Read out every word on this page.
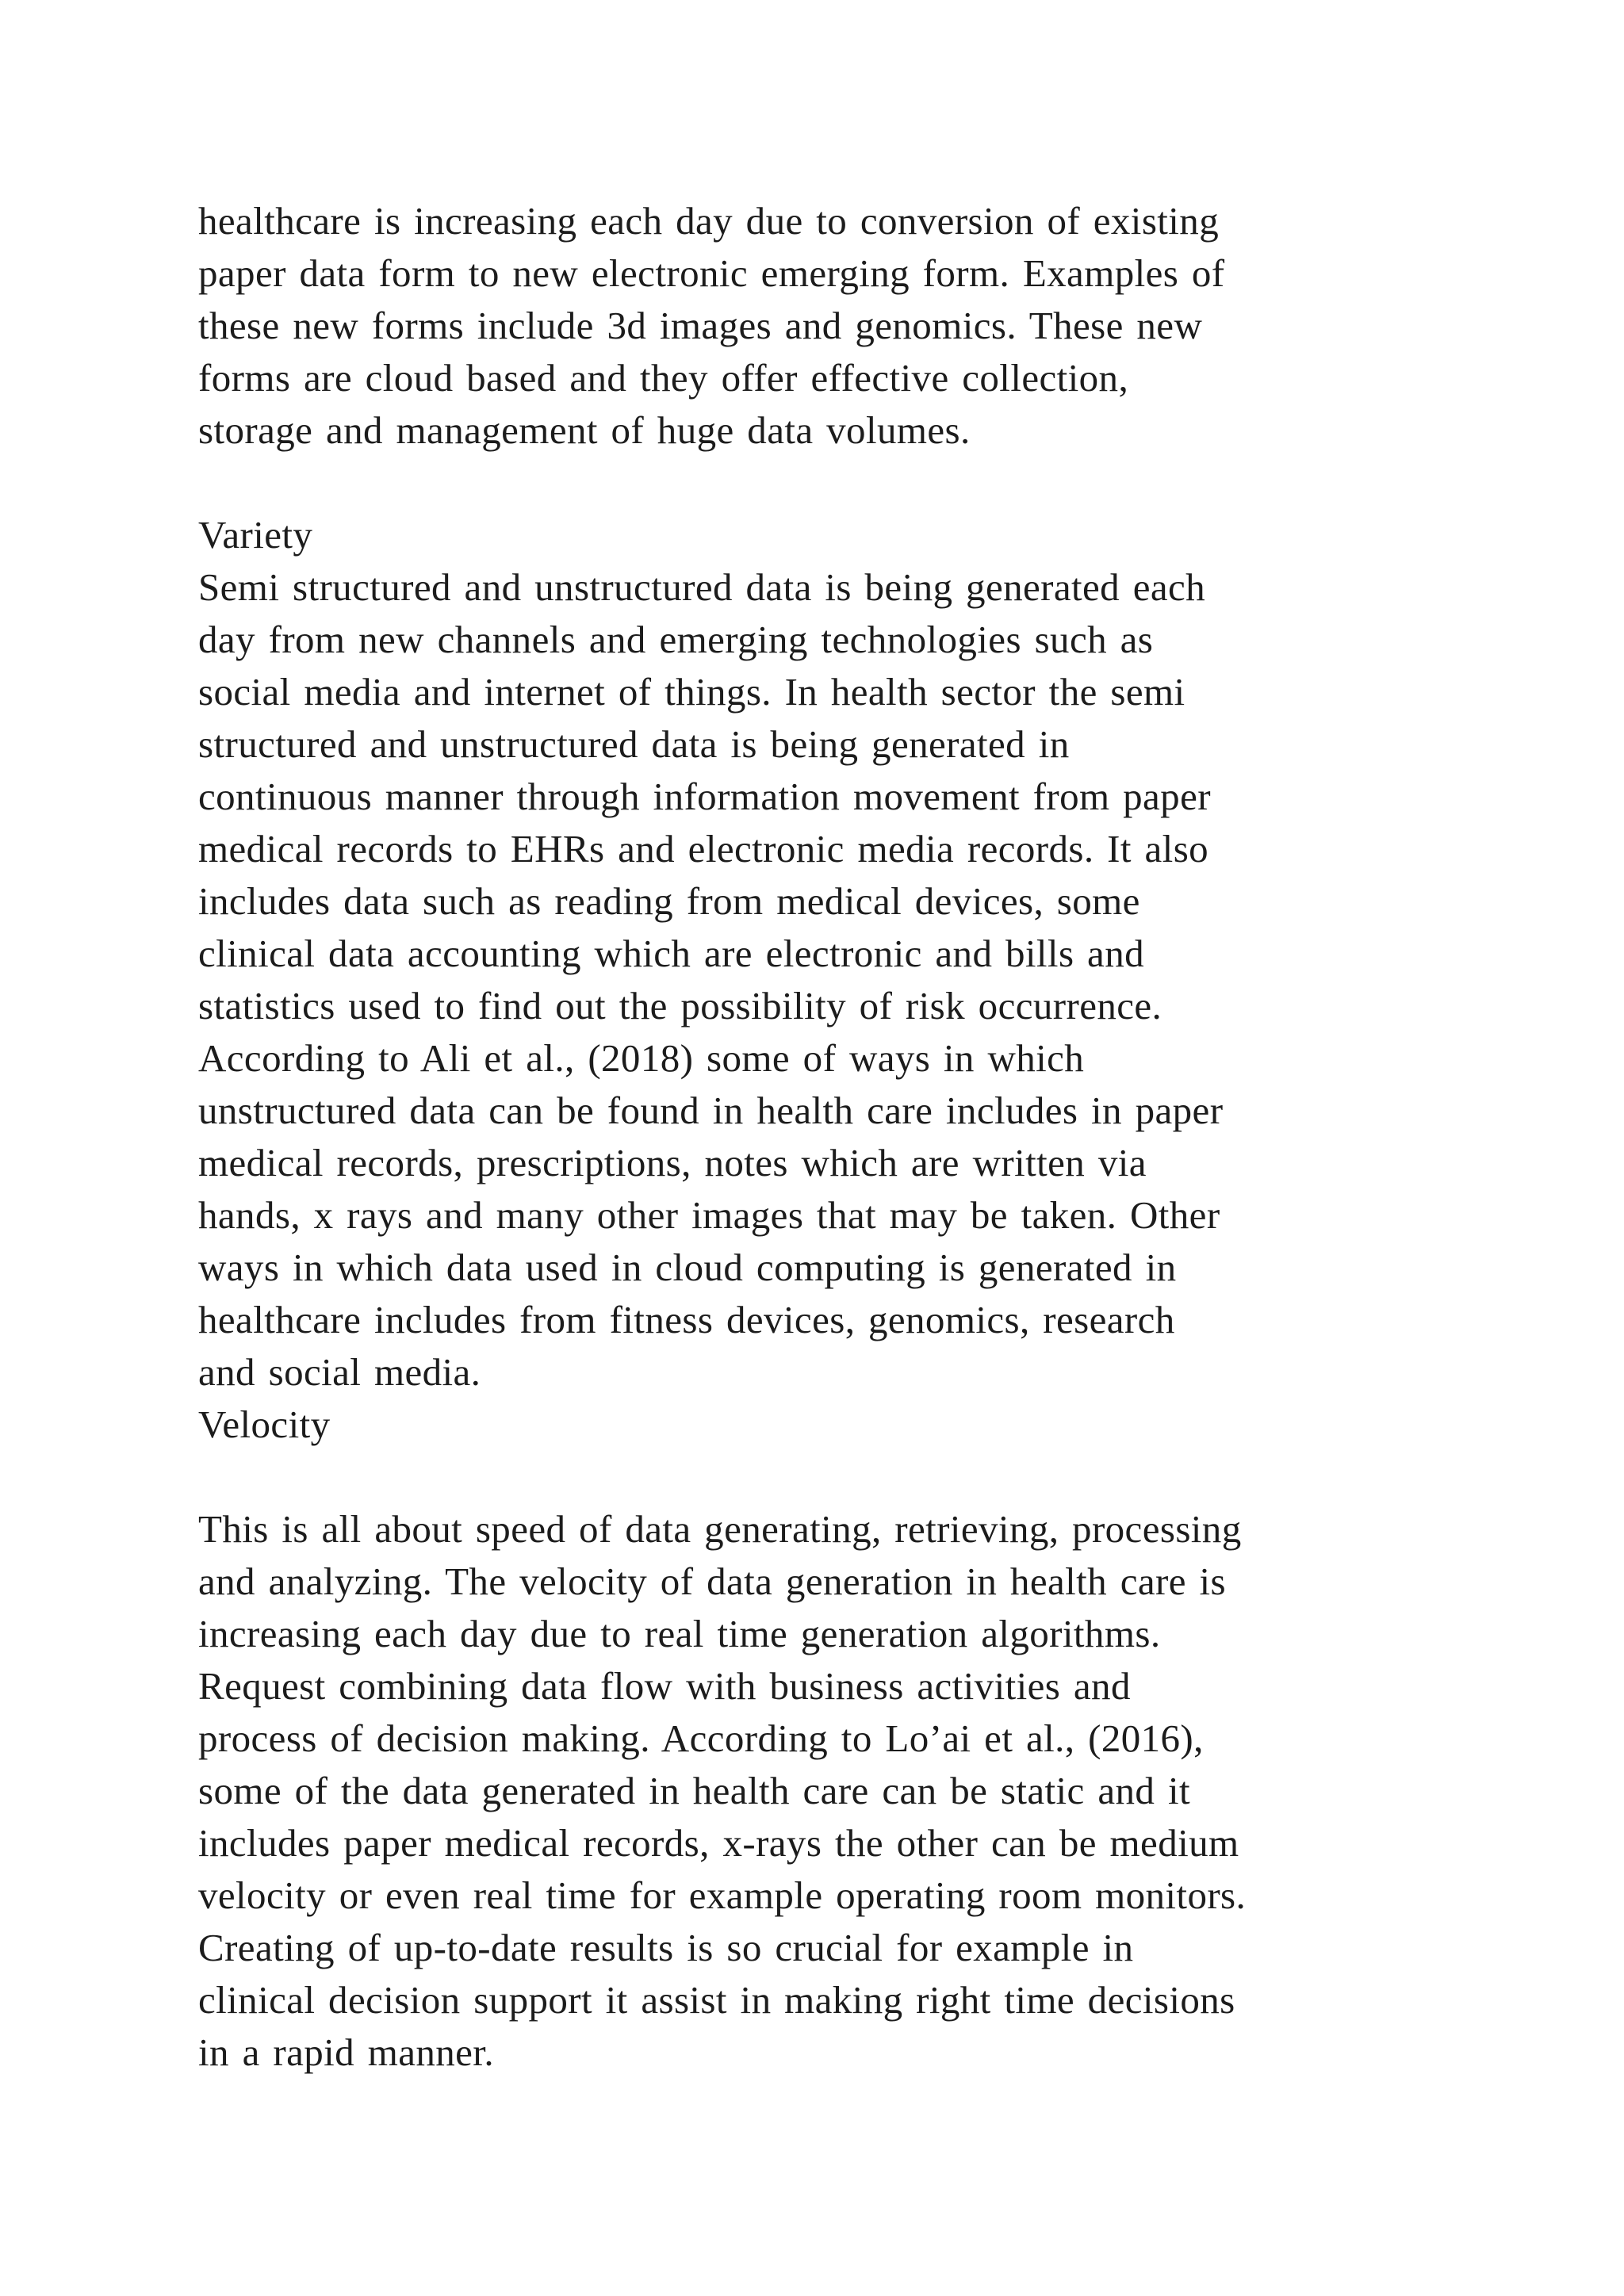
healthcare is increasing each day due to conversion of existing
paper data form to new electronic emerging form. Examples of
these new forms include 3d images and genomics. These new
forms are cloud based and they offer effective collection,
storage and management of huge data volumes.
Variety
Semi structured and unstructured data is being generated each
day from new channels and emerging technologies such as
social media and internet of things. In health sector the semi
structured and unstructured data is being generated in
continuous manner through information movement from paper
medical records to EHRs and electronic media records. It also
includes data such as reading from medical devices, some
clinical data accounting which are electronic and bills and
statistics used to find out the possibility of risk occurrence.
According to Ali et al., (2018) some of ways in which
unstructured data can be found in health care includes in paper
medical records, prescriptions, notes which are written via
hands, x rays and many other images that may be taken. Other
ways in which data used in cloud computing is generated in
healthcare includes from fitness devices, genomics, research
and social media.
Velocity
This is all about speed of data generating, retrieving, processing
and analyzing. The velocity of data generation in health care is
increasing each day due to real time generation algorithms.
Request combining data flow with business activities and
process of decision making. According to Lo’ai et al., (2016),
some of the data generated in health care can be static and it
includes paper medical records, x-rays the other can be medium
velocity or even real time for example operating room monitors.
Creating of up-to-date results is so crucial for example in
clinical decision support it assist in making right time decisions
in a rapid manner.
